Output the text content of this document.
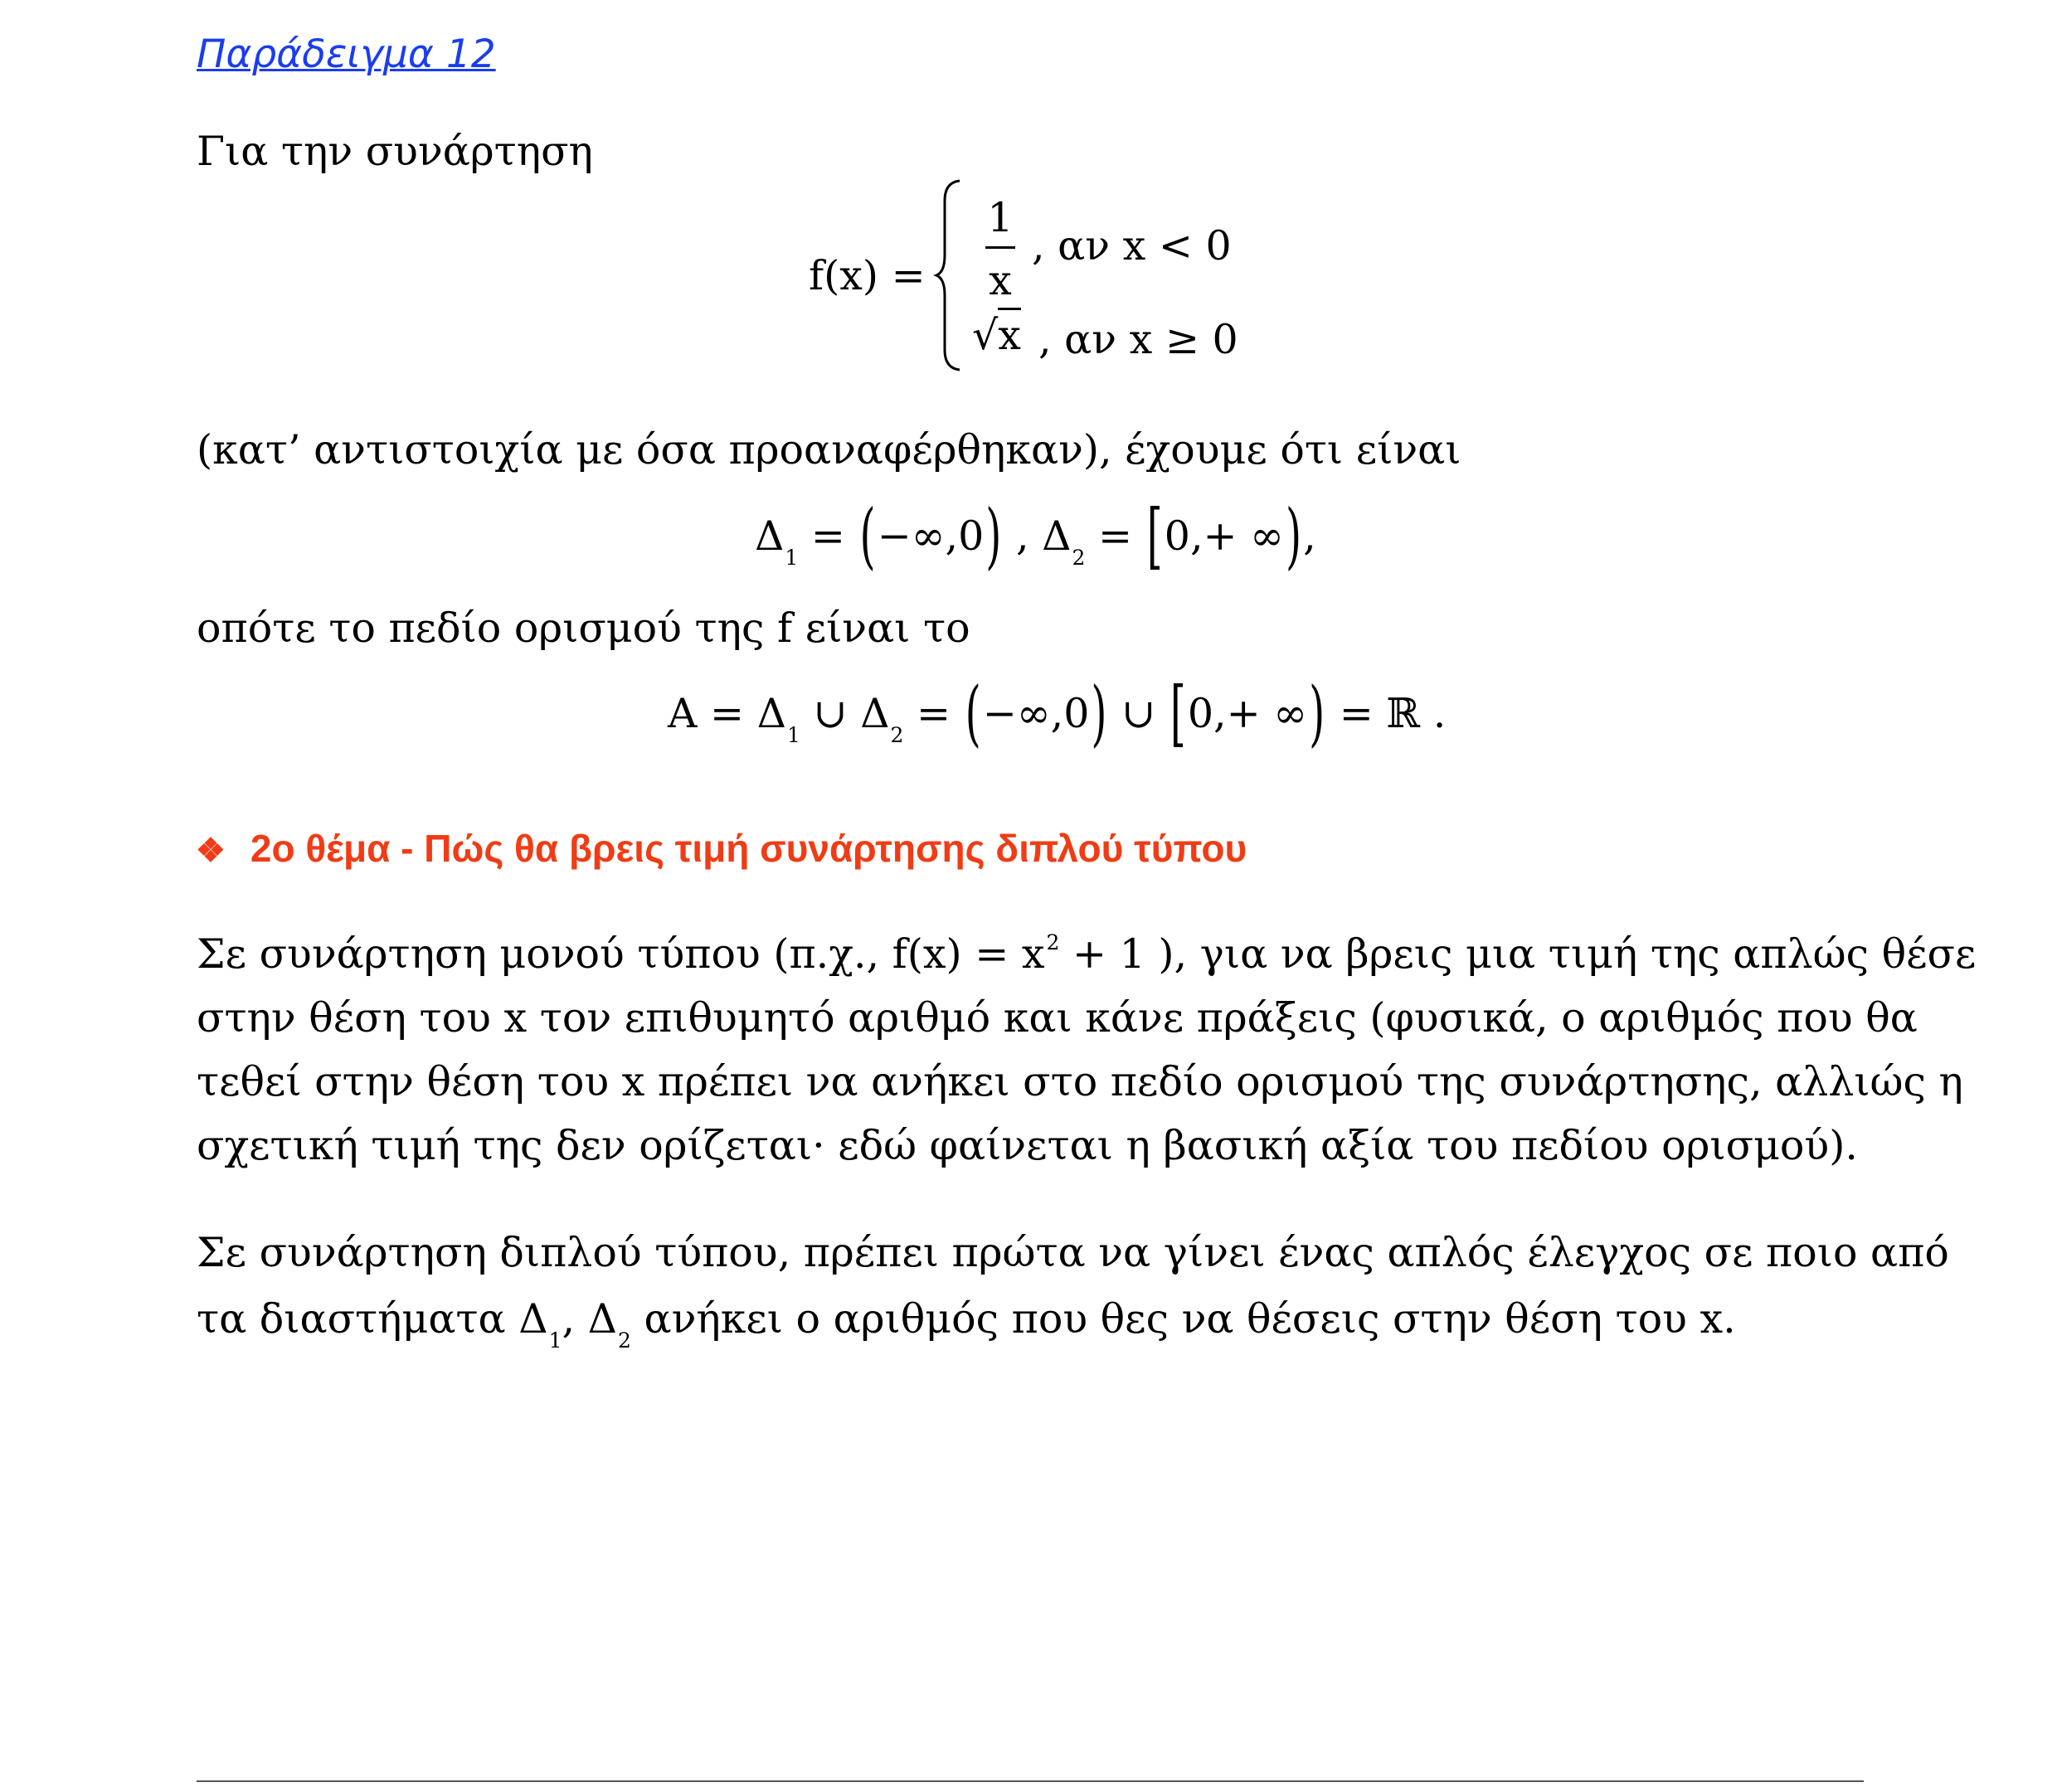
Παράδειγμα 12
Για την συνάρτηση
f(x) =
1
x
, αν x < 0
√x , αν x ≥ 0
(κατ’ αντιστοιχία με όσα προαναφέρθηκαν), έχουμε ότι είναι
$\Delta_1 = (-\infty,0)$ , $\Delta_2 = [0,+$ ∞),
οπότε το πεδίο ορισμού της f είναι το
$A = \Delta_1$ ∪ $\Delta_2 = (-\infty,0)$ ∪ [0,+ ∞) = ℝ .
❖ 2ο θέμα - Πώς θα βρεις τιμή συνάρτησης διπλού τύπου
Σε συνάρτηση μονού τύπου (π.χ., $f(x) = x^2 + 1$ ), για να βρεις μια τιμή της απλώς θέσε
στην θέση του x τον επιθυμητό αριθμό και κάνε πράξεις (φυσικά, ο αριθμός που θα
τεθεί στην θέση του x πρέπει να ανήκει στο πεδίο ορισμού της συνάρτησης, αλλιώς η
σχετική τιμή της δεν ορίζεται· εδώ φαίνεται η βασική αξία του πεδίου ορισμού).
Σε συνάρτηση διπλού τύπου, πρέπει πρώτα να γίνει ένας απλός έλεγχος σε ποιο από
τα διαστήματα $\Delta_1$, $\Delta_2$ ανήκει ο αριθμός που θες να θέσεις στην θέση του x.
